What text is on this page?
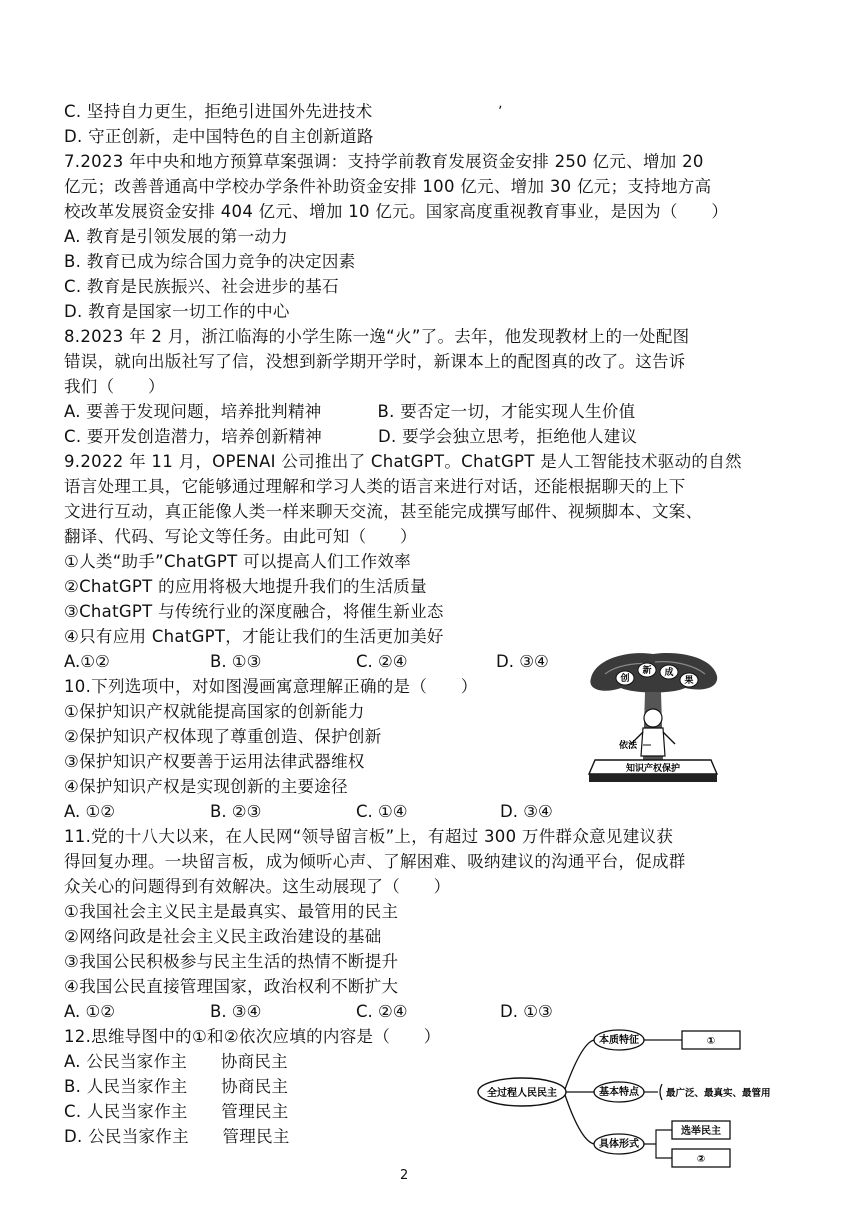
C. 坚持自力更生，拒绝引进国外先进技术	ʼ
D. 守正创新，走中国特色的自主创新道路
7.2023 年中央和地方预算草案强调：支持学前教育发展资金安排 250 亿元、增加 20
亿元；改善普通高中学校办学条件补助资金安排 100 亿元、增加 30 亿元；支持地方高
校改革发展资金安排 404 亿元、增加 10 亿元。国家高度重视教育事业，是因为（　　）
A. 教育是引领发展的第一动力
B. 教育已成为综合国力竞争的决定因素
C. 教育是民族振兴、社会进步的基石
D. 教育是国家一切工作的中心
8.2023 年 2 月，浙江临海的小学生陈一逸“火”了。去年，他发现教材上的一处配图
错误，就向出版社写了信，没想到新学期开学时，新课本上的配图真的改了。这告诉
我们（　　）
A. 要善于发现问题，培养批判精神　　　 B. 要否定一切，才能实现人生价值
C. 要开发创造潜力，培养创新精神　　　 D. 要学会独立思考，拒绝他人建议
9.2022 年 11 月，OPENAI 公司推出了 ChatGPT。ChatGPT 是人工智能技术驱动的自然
语言处理工具，它能够通过理解和学习人类的语言来进行对话，还能根据聊天的上下
文进行互动，真正能像人类一样来聊天交流，甚至能完成撰写邮件、视频脚本、文案、
翻译、代码、写论文等任务。由此可知（　　）
①人类“助手”ChatGPT 可以提高人们工作效率
②ChatGPT 的应用将极大地提升我们的生活质量
③ChatGPT 与传统行业的深度融合，将催生新业态
④只有应用 ChatGPT，才能让我们的生活更加美好
A.①②	B. ①③	C. ②④	D. ③④
10.下列选项中，对如图漫画寓意理解正确的是（　　）
①保护知识产权就能提高国家的创新能力
②保护知识产权体现了尊重创造、保护创新
③保护知识产权要善于运用法律武器维权
④保护知识产权是实现创新的主要途径
A. ①②	B. ②③	C. ①④	D. ③④
11.党的十八大以来，在人民网“领导留言板”上，有超过 300 万件群众意见建议获
得回复办理。一块留言板，成为倾听心声、了解困难、吸纳建议的沟通平台，促成群
众关心的问题得到有效解决。这生动展现了（　　）
①我国社会主义民主是最真实、最管用的民主
②网络问政是社会主义民主政治建设的基础
③我国公民积极参与民主生活的热情不断提升
④我国公民直接管理国家，政治权利不断扩大
A. ①②	B. ③④	C. ②④	D. ①③
12.思维导图中的①和②依次应填的内容是（　　）
A. 公民当家作主　　协商民主
B. 人民当家作主　　协商民主
C. 人民当家作主　　管理民主
D. 公民当家作主　　管理民主
创
新 成
果
依法
知识产权保护
全过程人民民主
本质特征	①
基本特点	最广泛、最真实、最管用
具体形式
选举民主
②
2
